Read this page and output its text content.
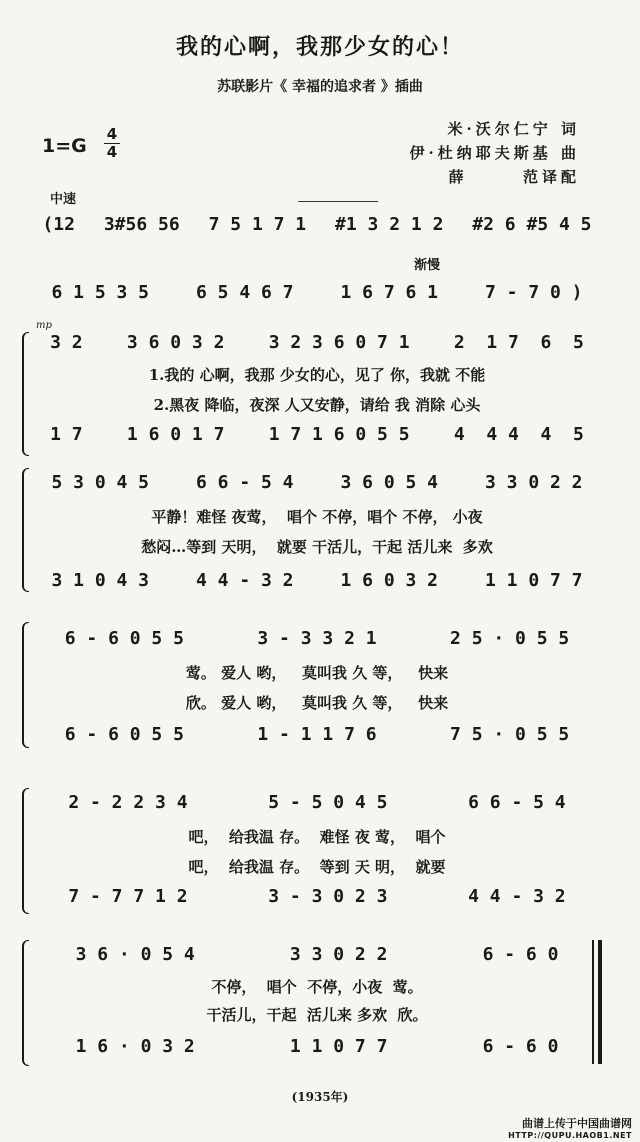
我的心啊，我那少女的心！
苏联影片《 幸福的追求者 》插曲
1=G
4
4
米·沃尔仁宁 词
伊·杜纳耶夫斯基 曲
薛      范译配
中速
(12 3#56 56 7 5 1 7 1 #1 3 2 1 2 #2 6 #5 4 5
渐慢
6 1 5 3 5	6 5 4 6 7	1 6 7 6 1	7 - 7 0 )
mp
3 2 3 6 0 3 2 3 2 3 6 0 7 1 2  1 7  6  5
1.我的 心啊，我那 少女的心，见了 你，我就 不能
2.黑夜 降临，夜深 人又安静，请给 我 消除 心头
1 7 1 6 0 1 7 1 7 1 6 0 5 5 4  4 4  4  5
5 3 0 4 5	6 6 - 5 4	3 6 0 5 4	3 3 0 2 2
平静！难怪 夜莺，  唱个 不停，唱个 不停， 小夜
愁闷…等到 天明，  就要 干活儿，干起 活儿来  多欢
3 1 0 4 3	4 4 - 3 2	1 6 0 3 2	1 1 0 7 7
6 - 6 0 5 5	3 - 3 3 2 1	2 5 · 0 5 5
莺。 爱人 哟，   莫叫我 久 等，   快来
欣。 爱人 哟，   莫叫我 久 等，   快来
6 - 6 0 5 5	1 - 1 1 7 6	7 5 · 0 5 5
2 - 2 2 3 4	5 - 5 0 4 5	6 6 - 5 4
吧，  给我温 存。  难怪 夜 莺，  唱个
吧，  给我温 存。  等到 天 明，  就要
7 - 7 7 1 2	3 - 3 0 2 3	4 4 - 3 2
3 6 · 0 5 4	3 3 0 2 2	6 - 6 0
不停，  唱个  不停，小夜  莺。
干活儿，干起  活儿来 多欢  欣。
1 6 · 0 3 2	1 1 0 7 7	6 - 6 0
(1935年)
曲谱上传于中国曲谱网
HTTP://QUPU.HAOB1.NET
